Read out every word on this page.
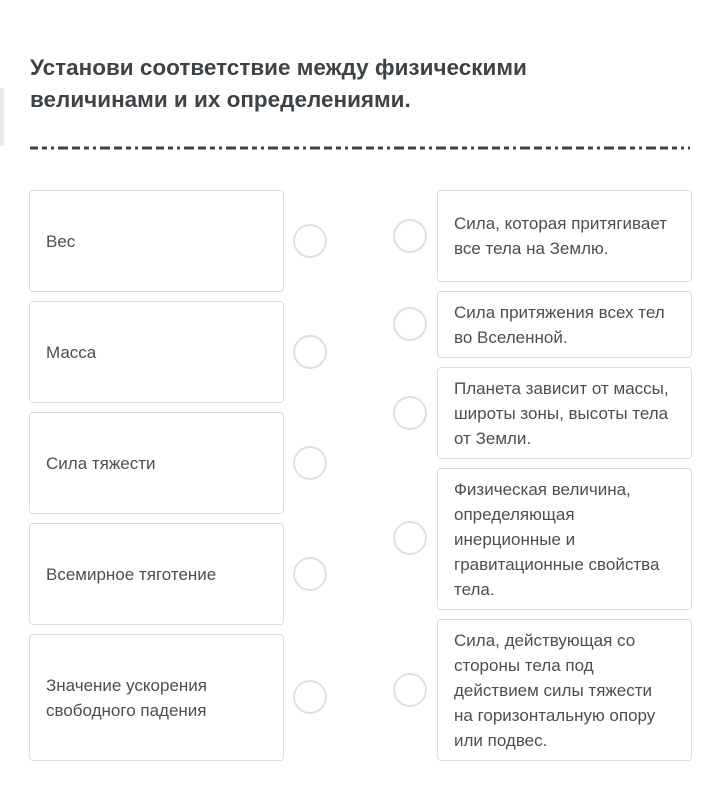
Установи соответствие между физическими величинами и их определениями.
Вес
Масса
Сила тяжести
Всемирное тяготение
Значение ускорения свободного падения
Сила, которая притягивает все тела на Землю.
Сила притяжения всех тел во Вселенной.
Планета зависит от массы, широты зоны, высоты тела от Земли.
Физическая величина, определяющая инерционные и гравитационные свойства тела.
Сила, действующая со стороны тела под действием силы тяжести на горизонтальную опору или подвес.
